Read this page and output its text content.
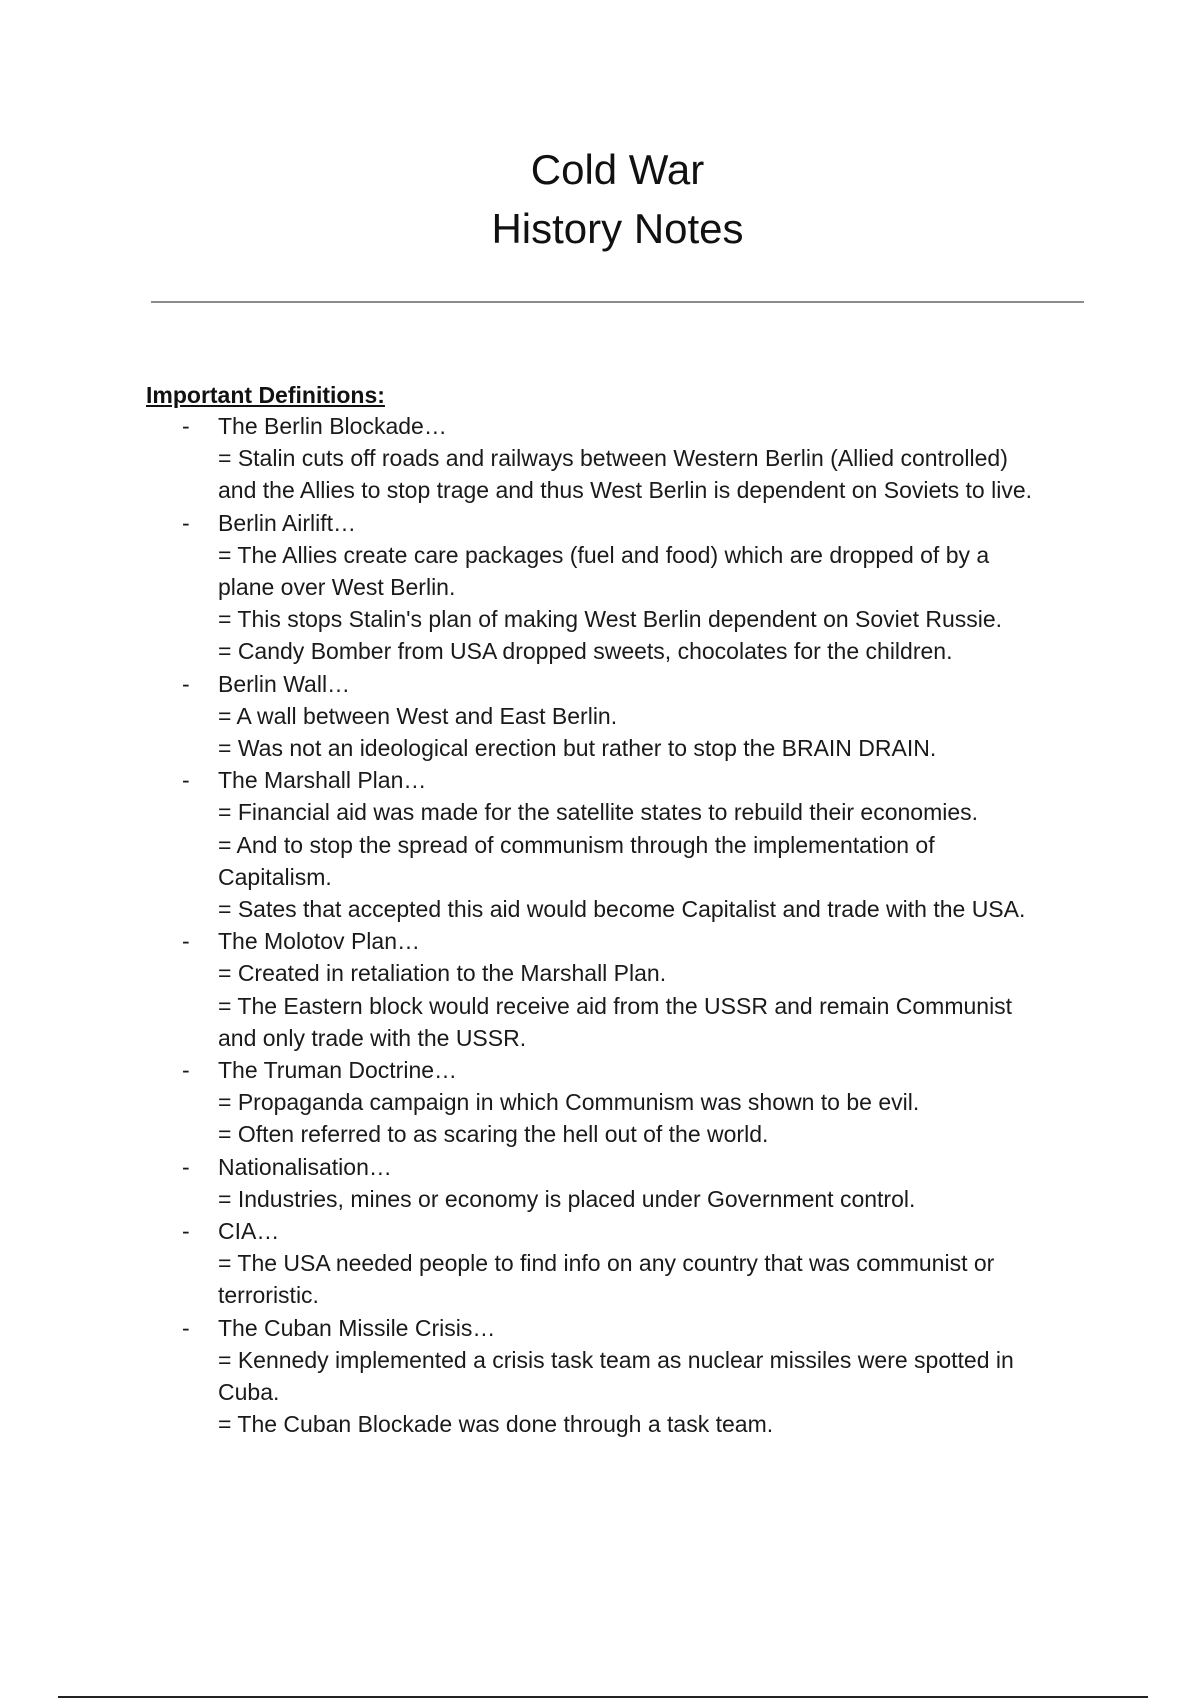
Cold War
History Notes
Important Definitions:
- The Berlin Blockade…
= Stalin cuts off roads and railways between Western Berlin (Allied controlled)
and the Allies to stop trage and thus West Berlin is dependent on Soviets to live.
- Berlin Airlift…
= The Allies create care packages (fuel and food) which are dropped of by a
plane over West Berlin.
= This stops Stalin's plan of making West Berlin dependent on Soviet Russie.
= Candy Bomber from USA dropped sweets, chocolates for the children.
- Berlin Wall…
= A wall between West and East Berlin.
= Was not an ideological erection but rather to stop the BRAIN DRAIN.
- The Marshall Plan…
= Financial aid was made for the satellite states to rebuild their economies.
= And to stop the spread of communism through the implementation of
Capitalism.
= Sates that accepted this aid would become Capitalist and trade with the USA.
- The Molotov Plan…
= Created in retaliation to the Marshall Plan.
= The Eastern block would receive aid from the USSR and remain Communist
and only trade with the USSR.
- The Truman Doctrine…
= Propaganda campaign in which Communism was shown to be evil.
= Often referred to as scaring the hell out of the world.
- Nationalisation…
= Industries, mines or economy is placed under Government control.
- CIA…
= The USA needed people to find info on any country that was communist or
terroristic.
- The Cuban Missile Crisis…
= Kennedy implemented a crisis task team as nuclear missiles were spotted in
Cuba.
= The Cuban Blockade was done through a task team.
